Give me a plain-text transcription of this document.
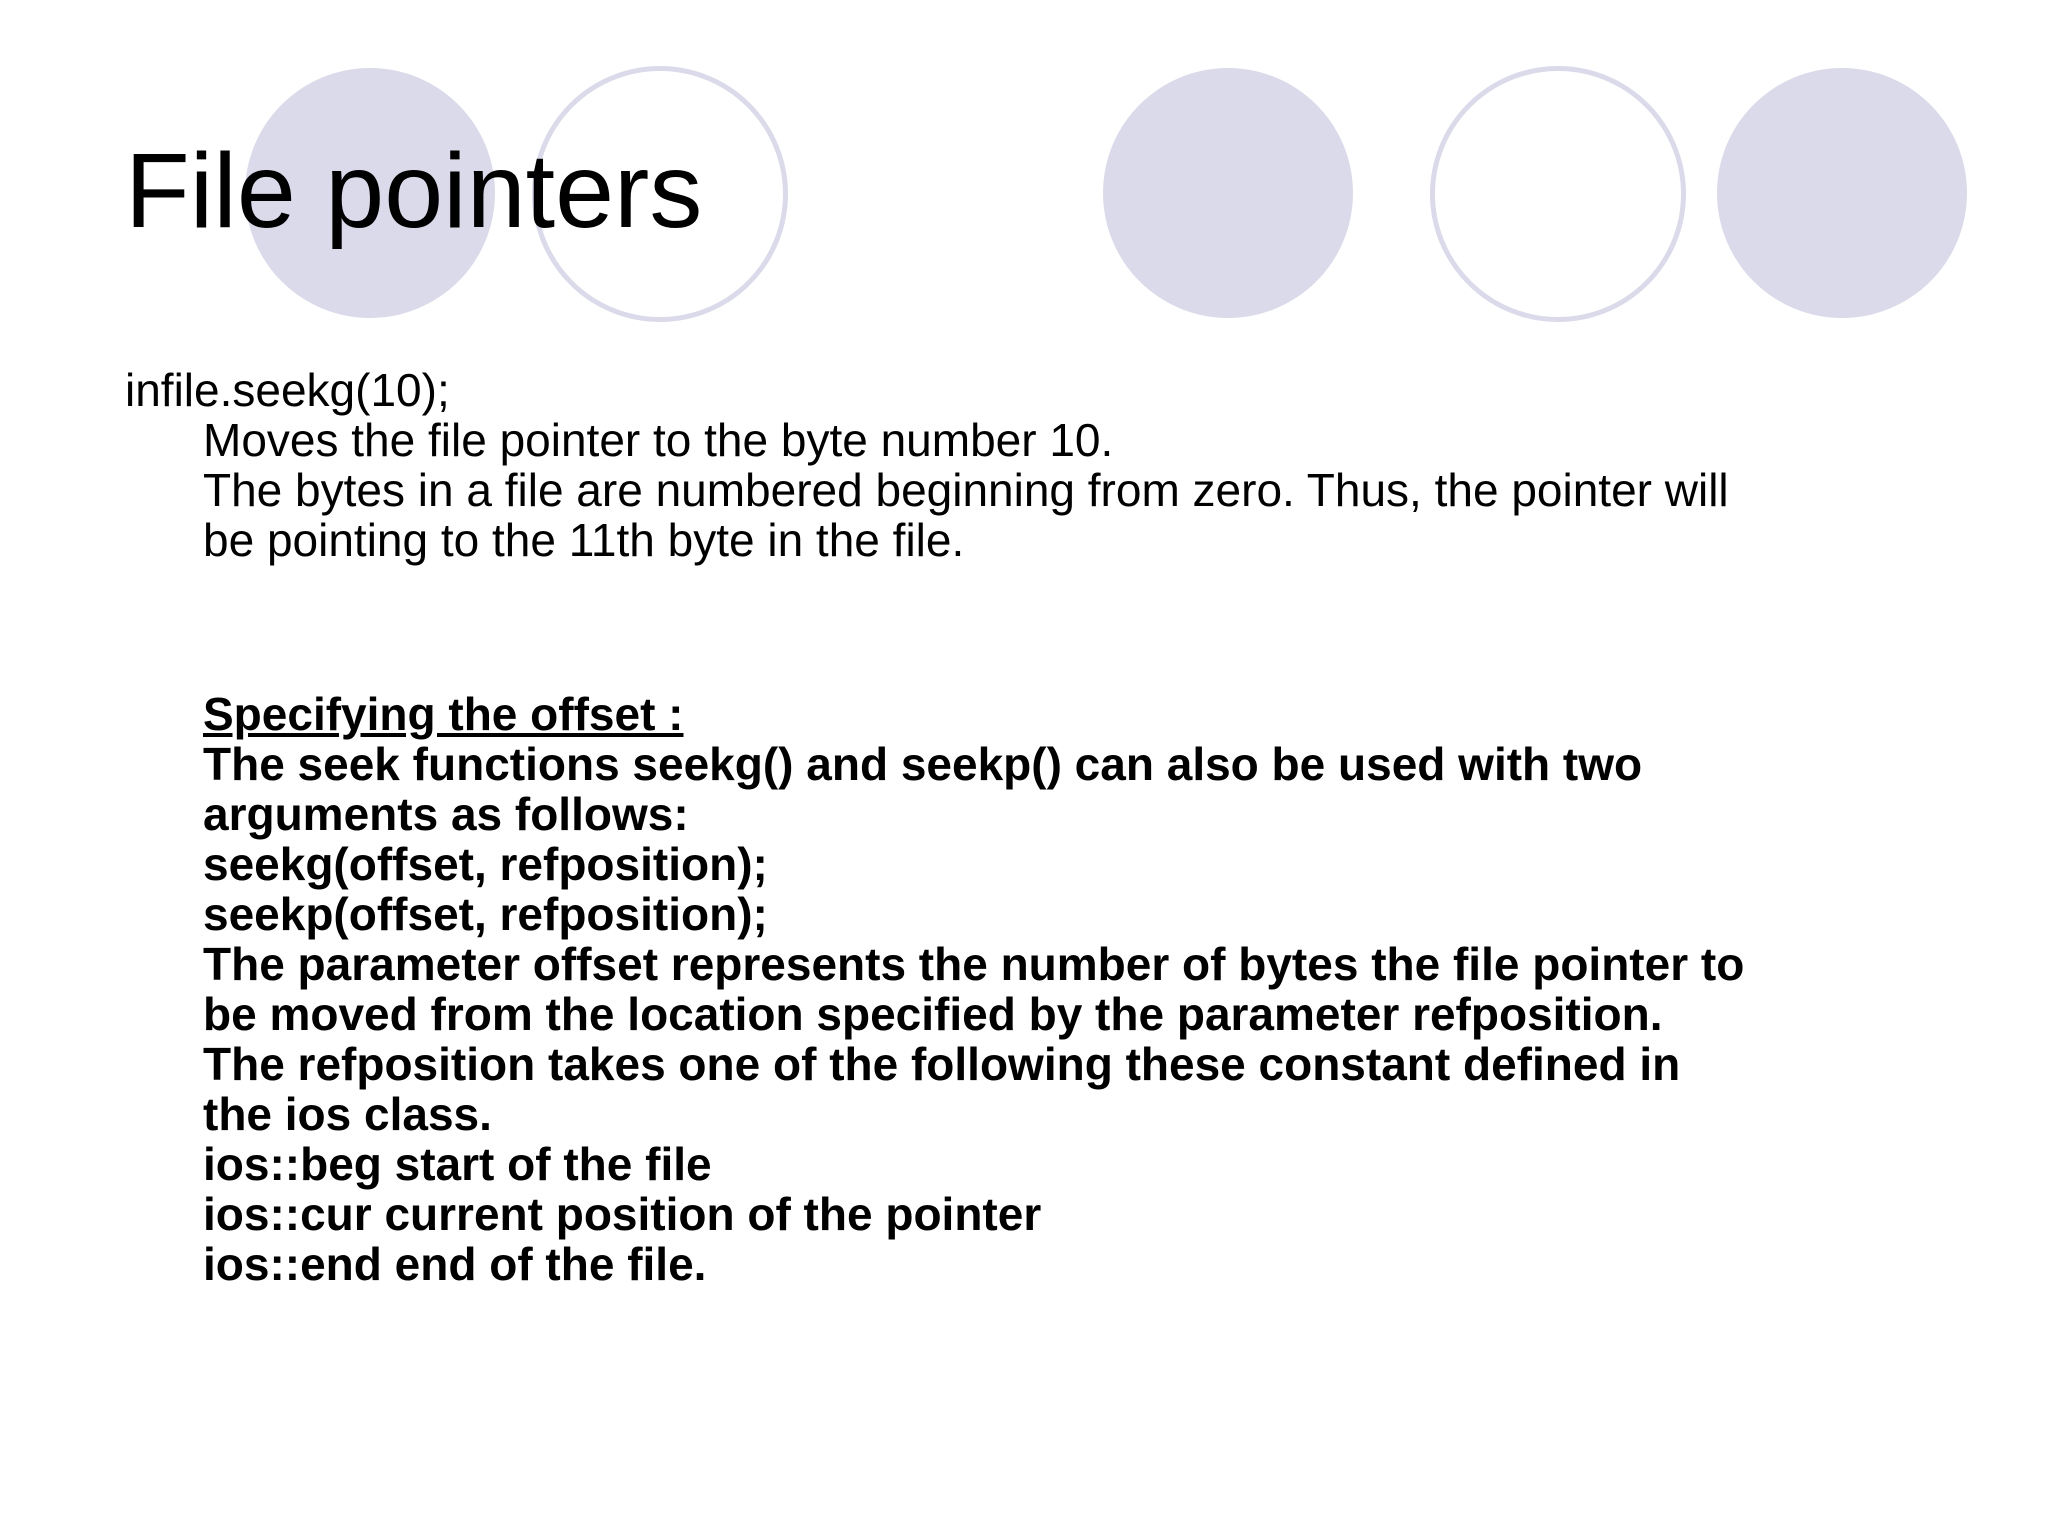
File pointers
infile.seekg(10);
Moves the file pointer to the byte number 10.
The bytes in a file are numbered beginning from zero. Thus, the pointer will
be pointing to the 11th byte in the file.
Specifying the offset :
The seek functions seekg() and seekp() can also be used with two
arguments as follows:
seekg(offset, refposition);
seekp(offset, refposition);
The parameter offset represents the number of bytes the file pointer to
be moved from the location specified by the parameter refposition.
The refposition takes one of the following these constant defined in
the ios class.
ios::beg start of the file
ios::cur current position of the pointer
ios::end end of the file.
